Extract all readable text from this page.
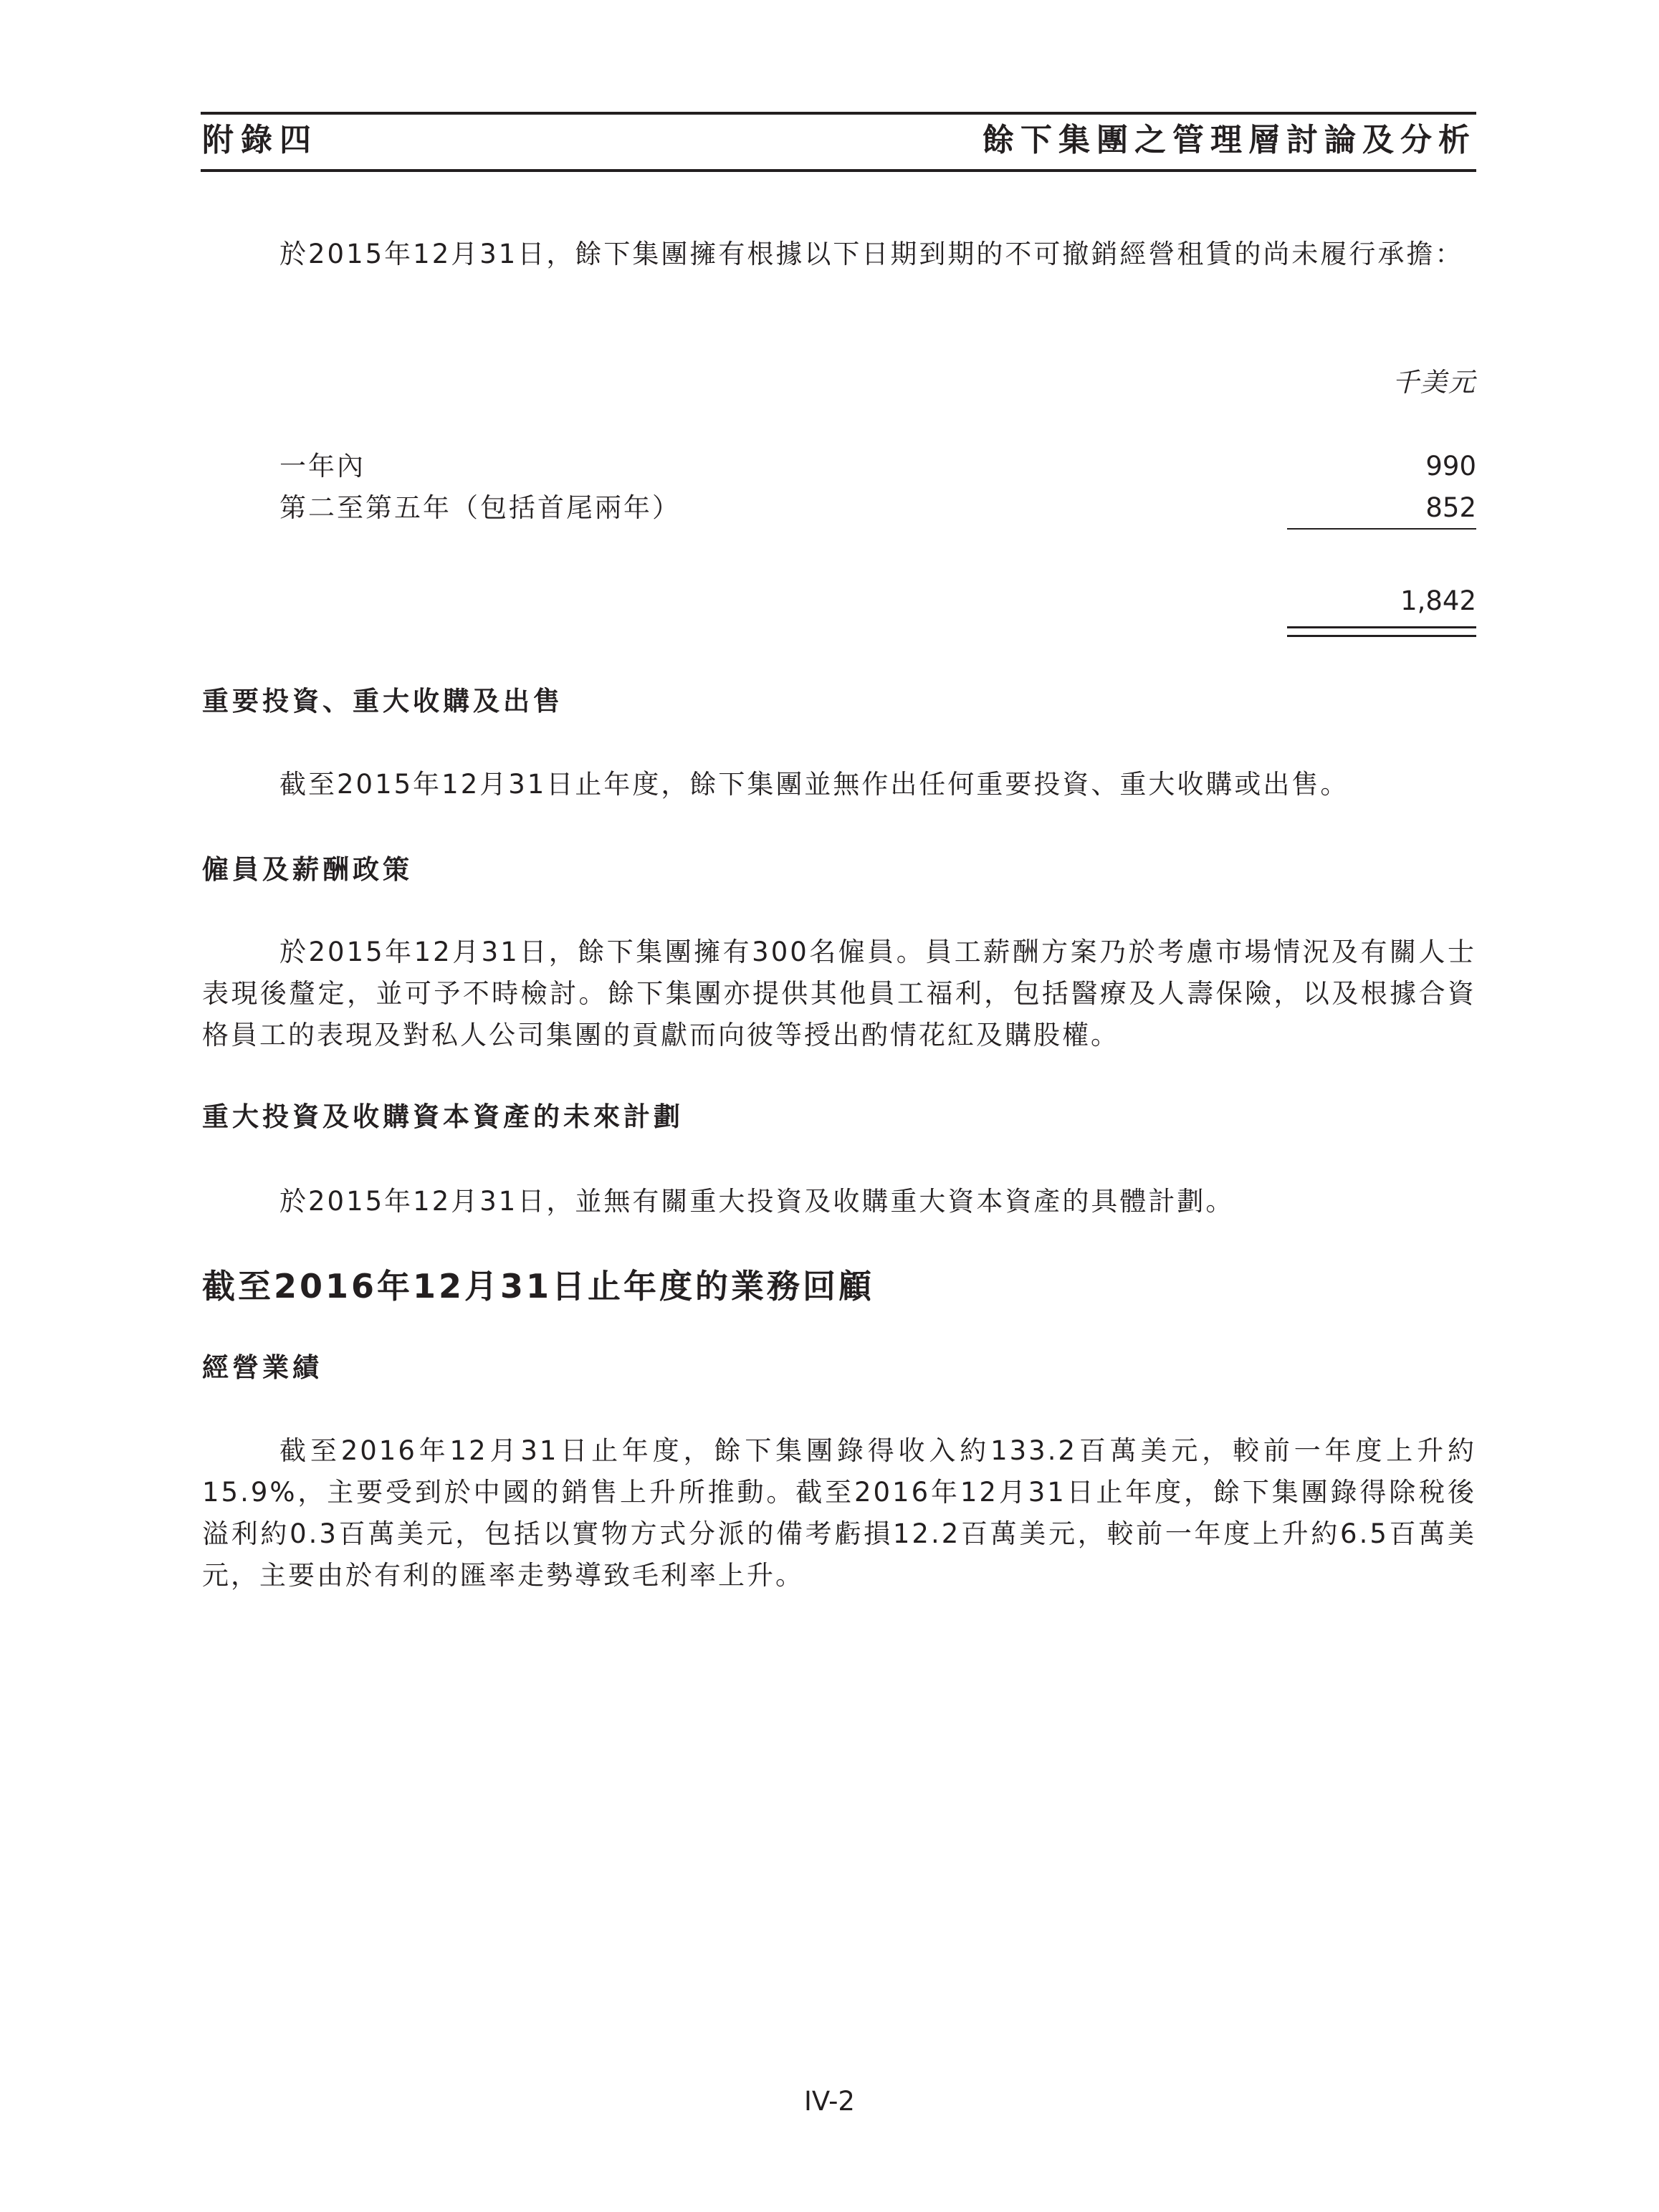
附錄四	餘下集團之管理層討論及分析
於2015年12月31日，餘下集團擁有根據以下日期到期的不可撤銷經營租賃的尚未履行承擔：
千美元
一年內	990
第二至第五年（包括首尾兩年）	852
1,842
重要投資、重大收購及出售
截至2015年12月31日止年度，餘下集團並無作出任何重要投資、重大收購或出售。
僱員及薪酬政策
於2015年12月31日，餘下集團擁有300名僱員。員工薪酬方案乃於考慮市場情況及有關人士表現後釐定，並可予不時檢討。餘下集團亦提供其他員工福利，包括醫療及人壽保險，以及根據合資格員工的表現及對私人公司集團的貢獻而向彼等授出酌情花紅及購股權。
重大投資及收購資本資產的未來計劃
於2015年12月31日，並無有關重大投資及收購重大資本資產的具體計劃。
截至2016年12月31日止年度的業務回顧
經營業績
截至2016年12月31日止年度，餘下集團錄得收入約133.2百萬美元，較前一年度上升約15.9%，主要受到於中國的銷售上升所推動。截至2016年12月31日止年度，餘下集團錄得除稅後溢利約0.3百萬美元，包括以實物方式分派的備考虧損12.2百萬美元，較前一年度上升約6.5百萬美元，主要由於有利的匯率走勢導致毛利率上升。
IV-2
